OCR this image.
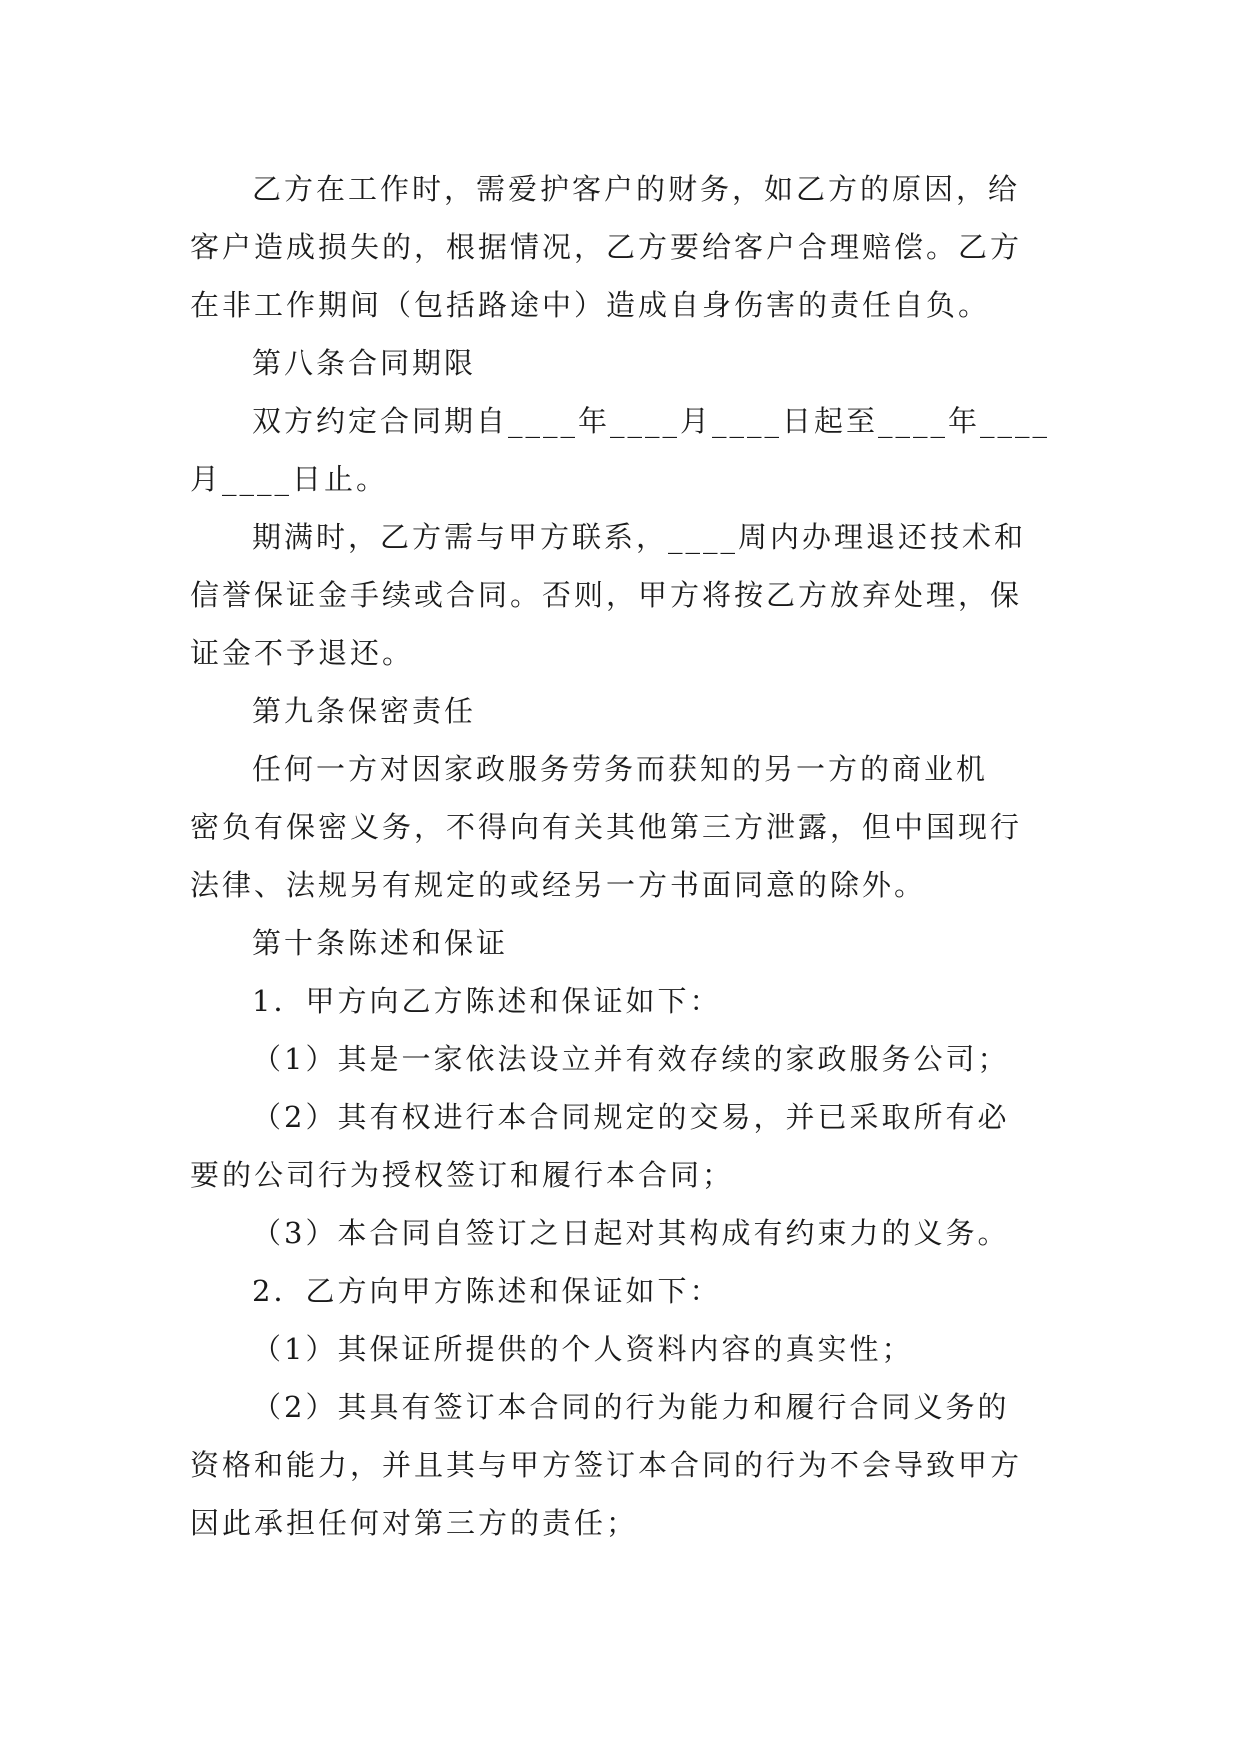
乙方在工作时，需爱护客户的财务，如乙方的原因，给

客户造成损失的，根据情况，乙方要给客户合理赔偿。乙方

在非工作期间（包括路途中）造成自身伤害的责任自负。

第八条合同期限

双方约定合同期自____年____月____日起至____年____

月____日止。

期满时，乙方需与甲方联系，____周内办理退还技术和

信誉保证金手续或合同。否则，甲方将按乙方放弃处理，保

证金不予退还。

第九条保密责任

任何一方对因家政服务劳务而获知的另一方的商业机

密负有保密义务，不得向有关其他第三方泄露，但中国现行

法律、法规另有规定的或经另一方书面同意的除外。

第十条陈述和保证

1．甲方向乙方陈述和保证如下：

（1）其是一家依法设立并有效存续的家政服务公司；

（2）其有权进行本合同规定的交易，并已采取所有必

要的公司行为授权签订和履行本合同；

（3）本合同自签订之日起对其构成有约束力的义务。

2．乙方向甲方陈述和保证如下：

（1）其保证所提供的个人资料内容的真实性；

（2）其具有签订本合同的行为能力和履行合同义务的

资格和能力，并且其与甲方签订本合同的行为不会导致甲方

因此承担任何对第三方的责任；
